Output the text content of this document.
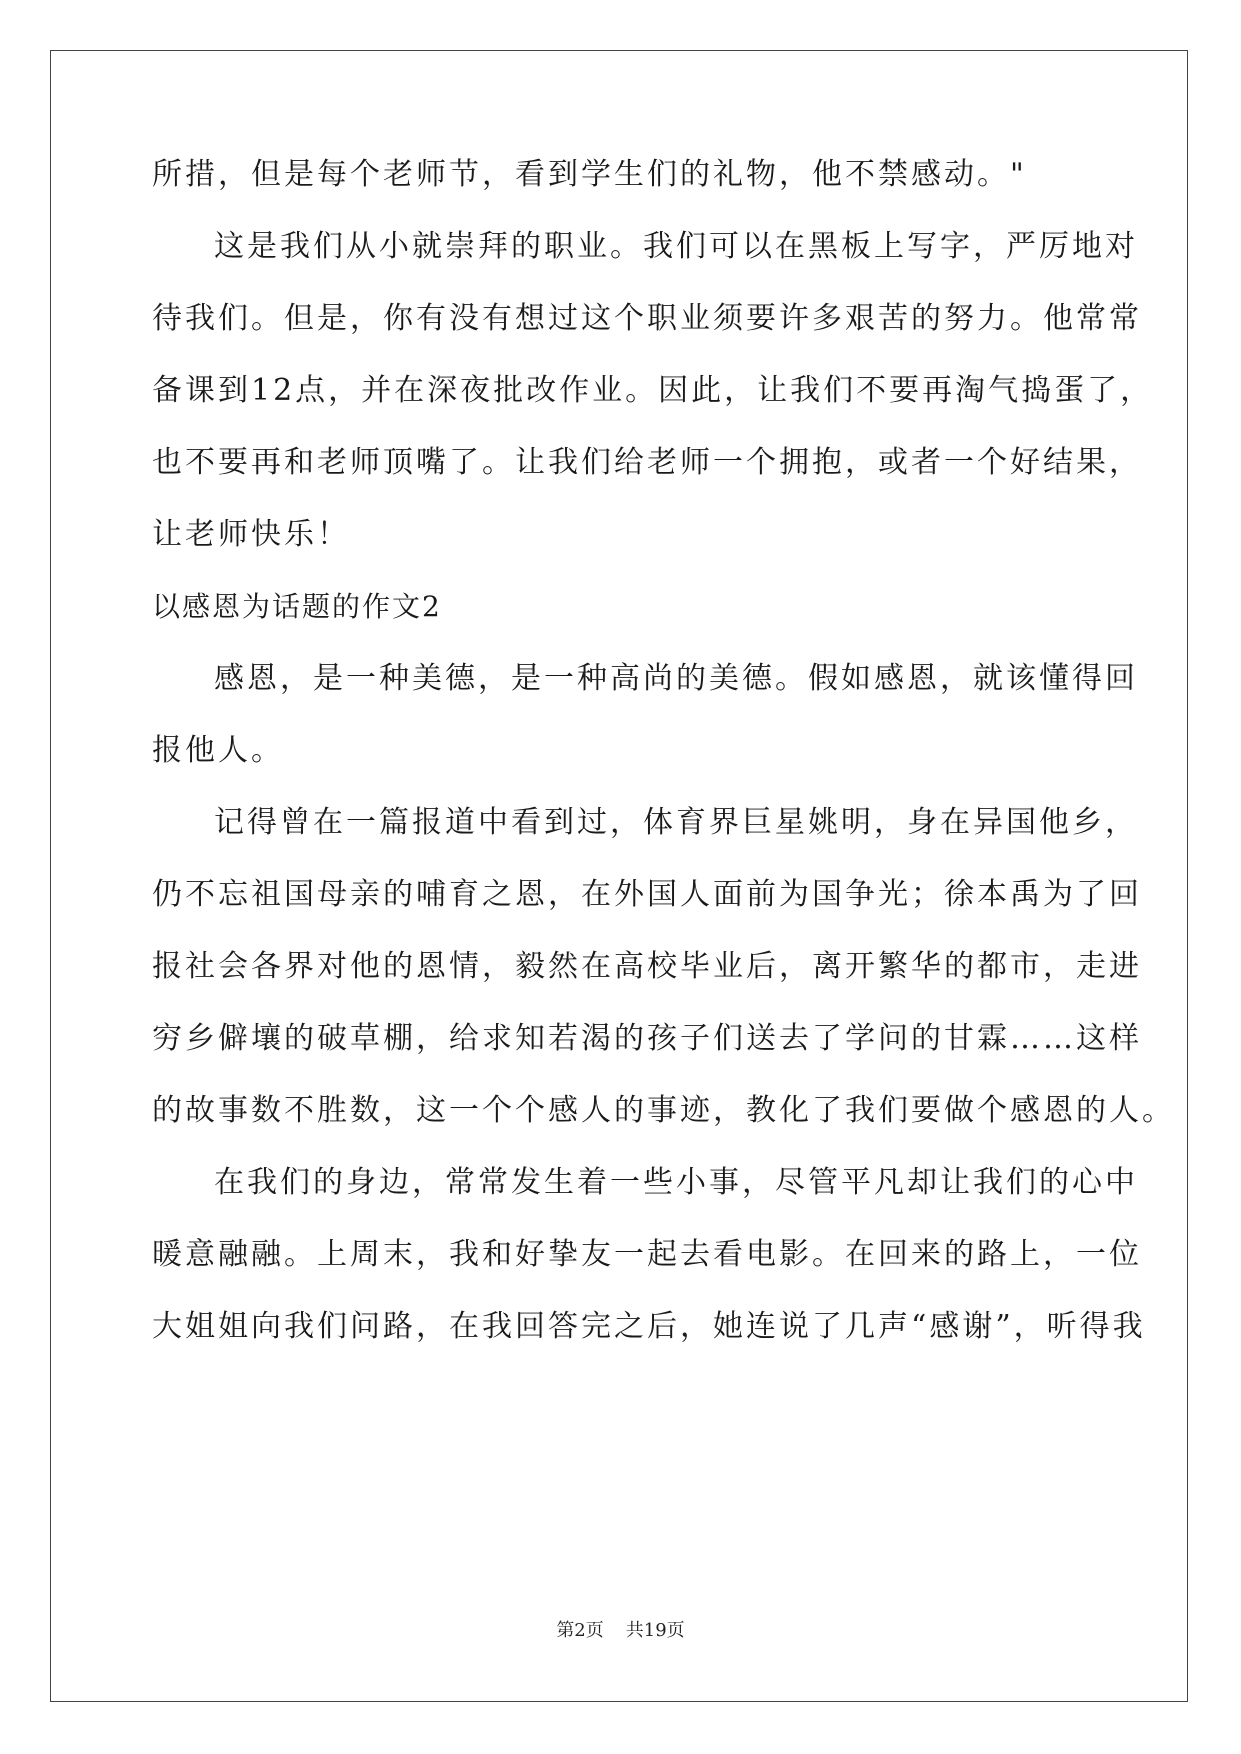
所措，但是每个老师节，看到学生们的礼物，他不禁感动。"
这是我们从小就崇拜的职业。我们可以在黑板上写字，严厉地对
待我们。但是，你有没有想过这个职业须要许多艰苦的努力。他常常
备课到12点，并在深夜批改作业。因此，让我们不要再淘气捣蛋了，
也不要再和老师顶嘴了。让我们给老师一个拥抱，或者一个好结果，
让老师快乐！
以感恩为话题的作文2
感恩，是一种美德，是一种高尚的美德。假如感恩，就该懂得回
报他人。
记得曾在一篇报道中看到过，体育界巨星姚明，身在异国他乡，
仍不忘祖国母亲的哺育之恩，在外国人面前为国争光；徐本禹为了回
报社会各界对他的恩情，毅然在高校毕业后，离开繁华的都市，走进
穷乡僻壤的破草棚，给求知若渴的孩子们送去了学问的甘霖……这样
的故事数不胜数，这一个个感人的事迹，教化了我们要做个感恩的人。
在我们的身边，常常发生着一些小事，尽管平凡却让我们的心中
暖意融融。上周末，我和好挚友一起去看电影。在回来的路上，一位
大姐姐向我们问路，在我回答完之后，她连说了几声“感谢”，听得我
第2页 共19页
